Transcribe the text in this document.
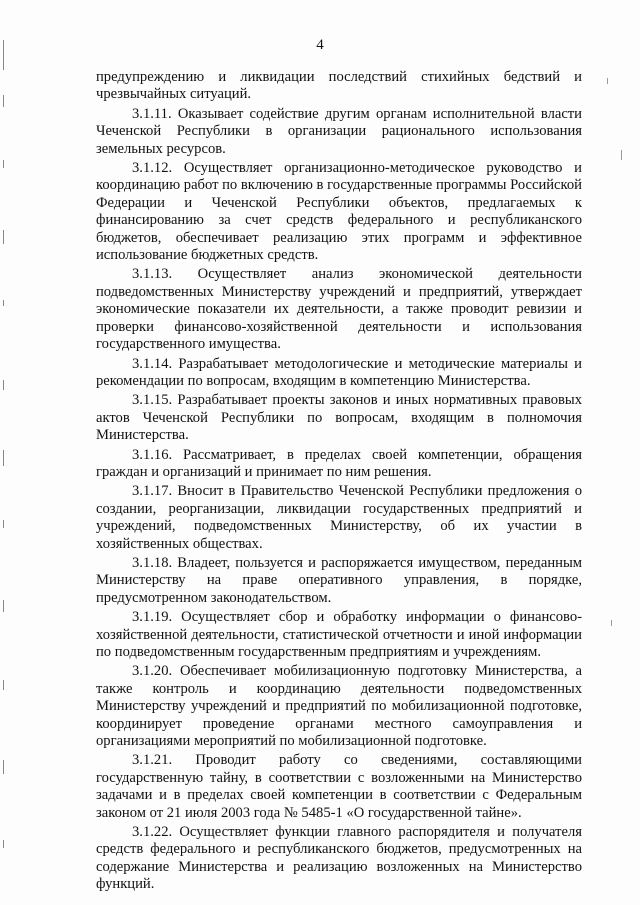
4

предупреждению и ликвидации последствий стихийных бедствий и чрезвычайных ситуаций.

3.1.11. Оказывает содействие другим органам исполнительной власти Чеченской Республики в организации рационального использования земельных ресурсов.

3.1.12. Осуществляет организационно-методическое руководство и координацию работ по включению в государственные программы Российской Федерации и Чеченской Республики объектов, предлагаемых к финансированию за счет средств федерального и республиканского бюджетов, обеспечивает реализацию этих программ и эффективное использование бюджетных средств.

3.1.13. Осуществляет анализ экономической деятельности подведомственных Министерству учреждений и предприятий, утверждает экономические показатели их деятельности, а также проводит ревизии и проверки финансово-хозяйственной деятельности и использования государственного имущества.

3.1.14. Разрабатывает методологические и методические материалы и рекомендации по вопросам, входящим в компетенцию Министерства.

3.1.15. Разрабатывает проекты законов и иных нормативных правовых актов Чеченской Республики по вопросам, входящим в полномочия Министерства.

3.1.16. Рассматривает, в пределах своей компетенции, обращения граждан и организаций и принимает по ним решения.

3.1.17. Вносит в Правительство Чеченской Республики предложения о создании, реорганизации, ликвидации государственных предприятий и учреждений, подведомственных Министерству, об их участии в хозяйственных обществах.

3.1.18. Владеет, пользуется и распоряжается имуществом, переданным Министерству на праве оперативного управления, в порядке, предусмотренном законодательством.

3.1.19. Осуществляет сбор и обработку информации о финансово-хозяйственной деятельности, статистической отчетности и иной информации по подведомственным государственным предприятиям и учреждениям.

3.1.20. Обеспечивает мобилизационную подготовку Министерства, а также контроль и координацию деятельности подведомственных Министерству учреждений и предприятий по мобилизационной подготовке, координирует проведение органами местного самоуправления и организациями мероприятий по мобилизационной подготовке.

3.1.21. Проводит работу со сведениями, составляющими государственную тайну, в соответствии с возложенными на Министерство задачами и в пределах своей компетенции в соответствии с Федеральным законом от 21 июля 2003 года № 5485-1 «О государственной тайне».

3.1.22. Осуществляет функции главного распорядителя и получателя средств федерального и республиканского бюджетов, предусмотренных на содержание Министерства и реализацию возложенных на Министерство функций.
